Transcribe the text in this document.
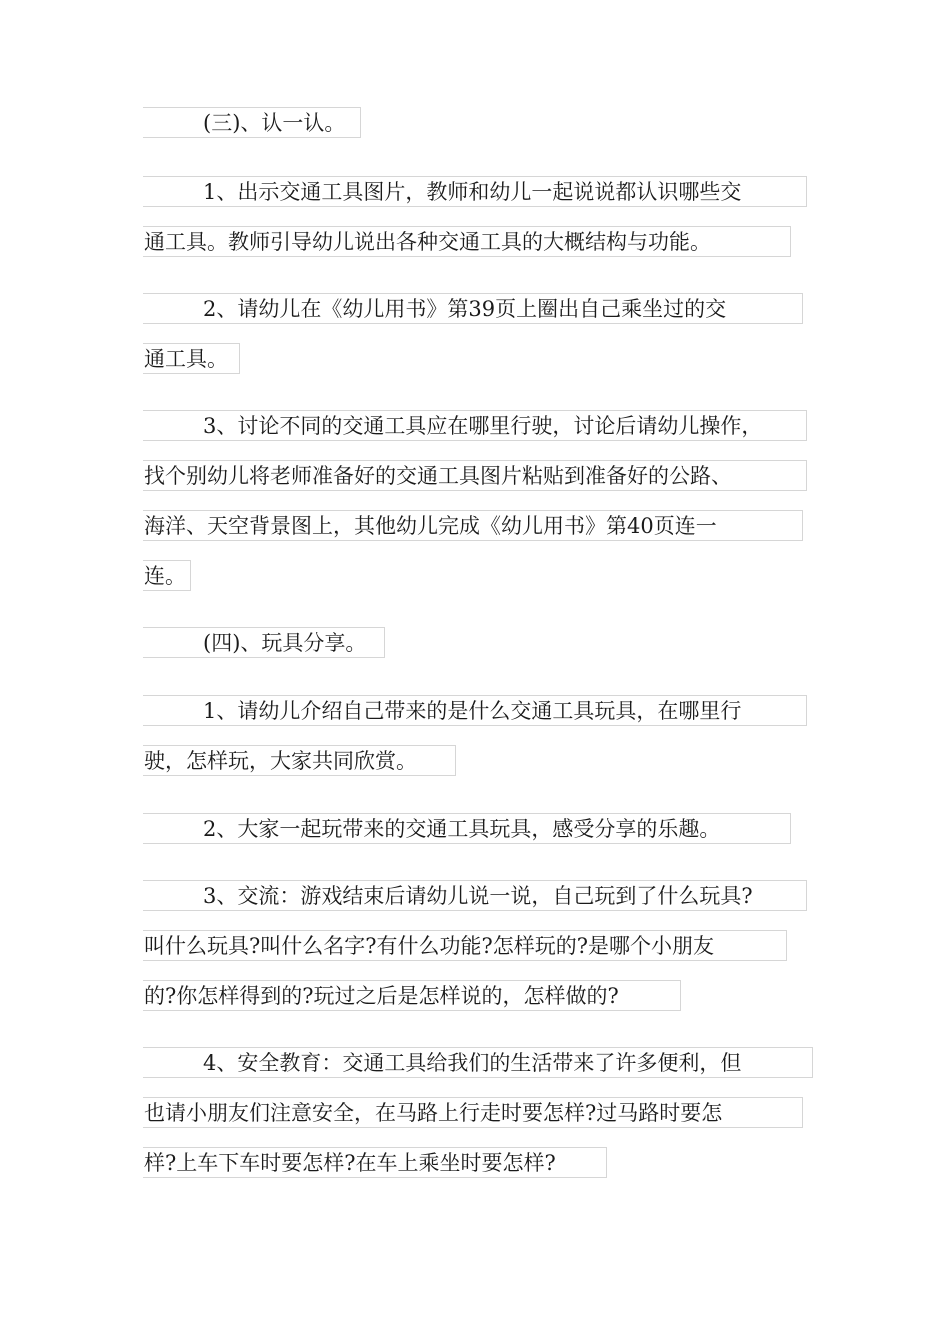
(三)、认一认。
1、出示交通工具图片，教师和幼儿一起说说都认识哪些交
通工具。教师引导幼儿说出各种交通工具的大概结构与功能。
2、请幼儿在《幼儿用书》第39页上圈出自己乘坐过的交
通工具。
3、讨论不同的交通工具应在哪里行驶，讨论后请幼儿操作，
找个别幼儿将老师准备好的交通工具图片粘贴到准备好的公路、
海洋、天空背景图上，其他幼儿完成《幼儿用书》第40页连一
连。
(四)、玩具分享。
1、请幼儿介绍自己带来的是什么交通工具玩具，在哪里行
驶，怎样玩，大家共同欣赏。
2、大家一起玩带来的交通工具玩具，感受分享的乐趣。
3、交流：游戏结束后请幼儿说一说，自己玩到了什么玩具?
叫什么玩具?叫什么名字?有什么功能?怎样玩的?是哪个小朋友
的?你怎样得到的?玩过之后是怎样说的，怎样做的?
4、安全教育：交通工具给我们的生活带来了许多便利，但
也请小朋友们注意安全，在马路上行走时要怎样?过马路时要怎
样?上车下车时要怎样?在车上乘坐时要怎样?
